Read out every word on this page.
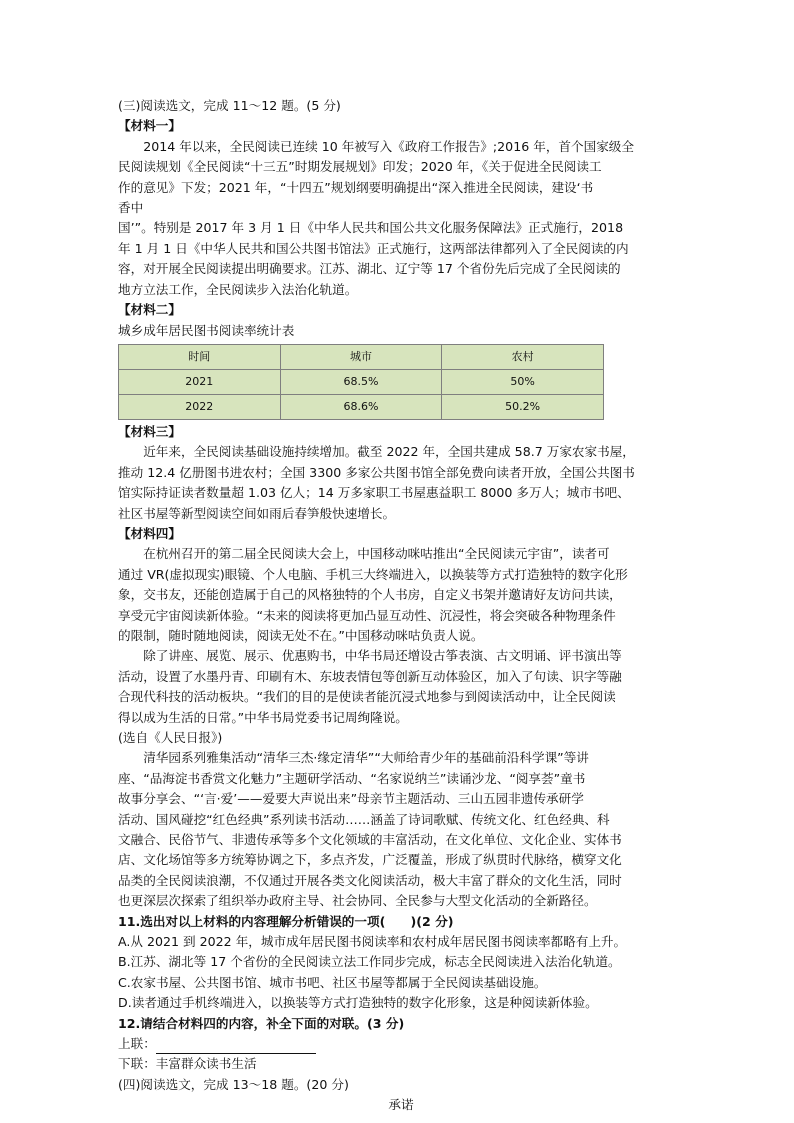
(三)阅读选文，完成 11～12 题。(5 分)

【材料一】

2014 年以来，全民阅读已连续 10 年被写入《政府工作报告》;2016 年，首个国家级全

民阅读规划《全民阅读“十三五”时期发展规划》印发；2020 年，《关于促进全民阅读工

作的意见》下发；2021 年，“十四五”规划纲要明确提出“深入推进全民阅读，建设‘书

香中

国’”。特别是 2017 年 3 月 1 日《中华人民共和国公共文化服务保障法》正式施行，2018

年 1 月 1 日《中华人民共和国公共图书馆法》正式施行，这两部法律都列入了全民阅读的内

容，对开展全民阅读提出明确要求。江苏、湖北、辽宁等 17 个省份先后完成了全民阅读的

地方立法工作，全民阅读步入法治化轨道。

【材料二】

城乡成年居民图书阅读率统计表

时间	城市	农村
2021	68.5%	50%
2022	68.6%	50.2%

【材料三】

近年来，全民阅读基础设施持续增加。截至 2022 年，全国共建成 58.7 万家农家书屋，

推动 12.4 亿册图书进农村；全国 3300 多家公共图书馆全部免费向读者开放，全国公共图书

馆实际持证读者数量超 1.03 亿人；14 万多家职工书屋惠益职工 8000 多万人；城市书吧、

社区书屋等新型阅读空间如雨后春笋般快速增长。

【材料四】

在杭州召开的第二届全民阅读大会上，中国移动咪咕推出“全民阅读元宇宙”，读者可

通过 VR(虚拟现实)眼镜、个人电脑、手机三大终端进入，以换装等方式打造独特的数字化形

象，交书友，还能创造属于自己的风格独特的个人书房，自定义书架并邀请好友访问共读，

享受元宇宙阅读新体验。“未来的阅读将更加凸显互动性、沉浸性，将会突破各种物理条件

的限制，随时随地阅读，阅读无处不在。”中国移动咪咕负责人说。

除了讲座、展览、展示、优惠购书，中华书局还增设古筝表演、古文明诵、评书演出等

活动，设置了水墨丹青、印刷有木、东坡表情包等创新互动体验区，加入了句读、识字等融

合现代科技的活动板块。“我们的目的是使读者能沉浸式地参与到阅读活动中，让全民阅读

得以成为生活的日常。”中华书局党委书记周绚隆说。

(选自《人民日报》)

清华园系列雅集活动“清华三杰·缘定清华”“大师给青少年的基础前沿科学课”等讲

座、“品海淀书香赏文化魅力”主题研学活动、“名家说纳兰”读诵沙龙、“阅享荟”童书

故事分享会、“‘言·爱’——爱要大声说出来”母亲节主题活动、三山五园非遗传承研学

活动、国风碰挖“红色经典”系列读书活动……涵盖了诗词歌赋、传统文化、红色经典、科

文融合、民俗节气、非遗传承等多个文化领域的丰富活动，在文化单位、文化企业、实体书

店、文化场馆等多方统筹协调之下，多点齐发，广泛覆盖，形成了纵贯时代脉络，横穿文化

品类的全民阅读浪潮，不仅通过开展各类文化阅读活动，极大丰富了群众的文化生活，同时

也更深层次探索了组织举办政府主导、社会协同、全民参与大型文化活动的全新路径。

11.选出对以上材料的内容理解分析错误的一项(　　)(2 分)

A.从 2021 到 2022 年，城市成年居民图书阅读率和农村成年居民图书阅读率都略有上升。

B.江苏、湖北等 17 个省份的全民阅读立法工作同步完成，标志全民阅读进入法治化轨道。

C.农家书屋、公共图书馆、城市书吧、社区书屋等都属于全民阅读基础设施。

D.读者通过手机终端进入，以换装等方式打造独特的数字化形象，这是种阅读新体验。

12.请结合材料四的内容，补全下面的对联。(3 分)

上联：

下联：丰富群众读书生活

(四)阅读选文，完成 13～18 题。(20 分)

承诺
